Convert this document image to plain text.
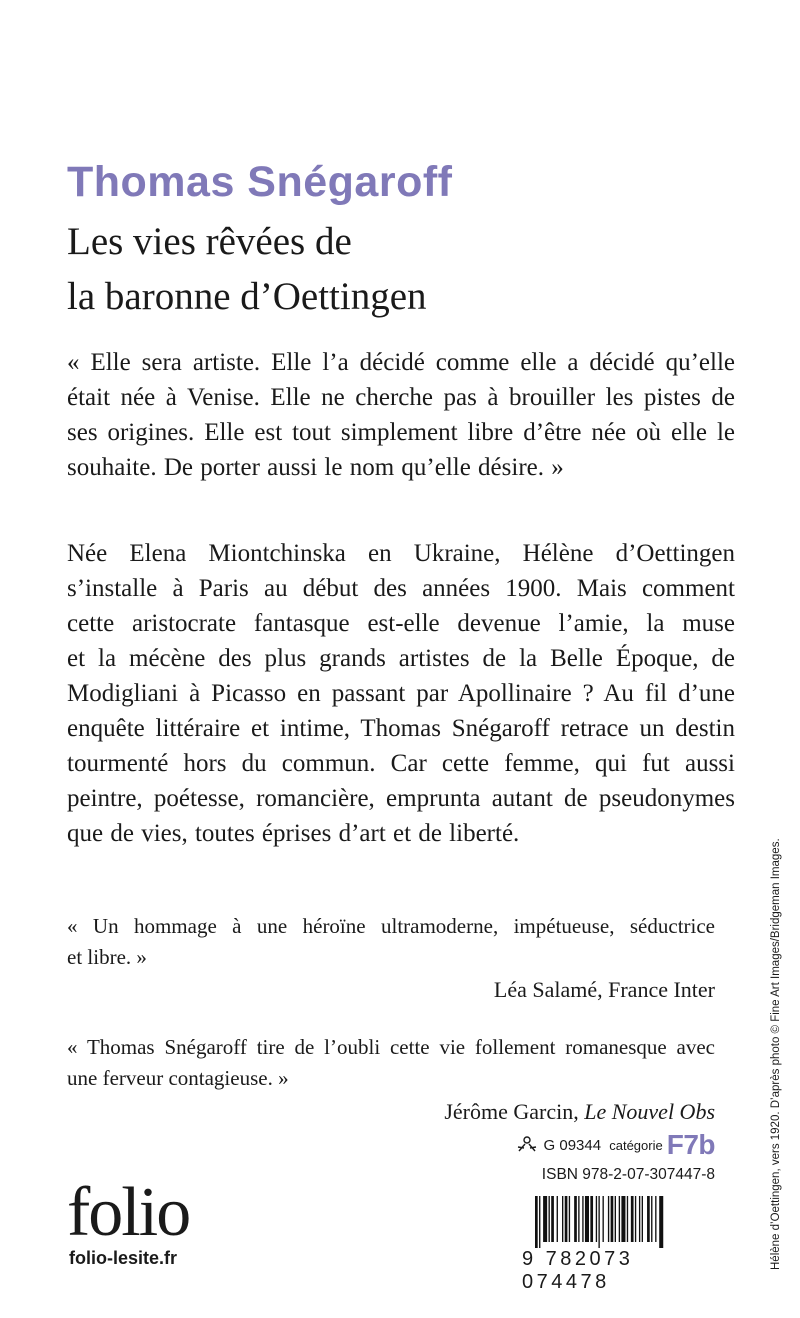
Thomas Snégaroff
Les vies rêvées de
la baronne d’Oettingen

« Elle sera artiste. Elle l’a décidé comme elle a décidé qu’elle
était née à Venise. Elle ne cherche pas à brouiller les pistes de
ses origines. Elle est tout simplement libre d’être née où elle le
souhaite. De porter aussi le nom qu’elle désire. »

Née Elena Miontchinska en Ukraine, Hélène d’Oettingen
s’installe à Paris au début des années 1900. Mais comment
cette aristocrate fantasque est-elle devenue l’amie, la muse
et la mécène des plus grands artistes de la Belle Époque, de
Modigliani à Picasso en passant par Apollinaire ? Au fil d’une
enquête littéraire et intime, Thomas Snégaroff retrace un destin
tourmenté hors du commun. Car cette femme, qui fut aussi
peintre, poétesse, romancière, emprunta autant de pseudonymes
que de vies, toutes éprises d’art et de liberté.

« Un hommage à une héroïne ultramoderne, impétueuse, séductrice
et libre. »

Léa Salamé, France Inter

« Thomas Snégaroff tire de l’oubli cette vie follement romanesque avec
une ferveur contagieuse. »

Jérôme Garcin, Le Nouvel Obs

G 09344 catégorie F7b
ISBN 978-2-07-307447-8
folio
folio-lesite.fr	9 782073 074478
Hélène d’Oettingen, vers 1920. D’après photo © Fine Art Images/Bridgeman Images.
